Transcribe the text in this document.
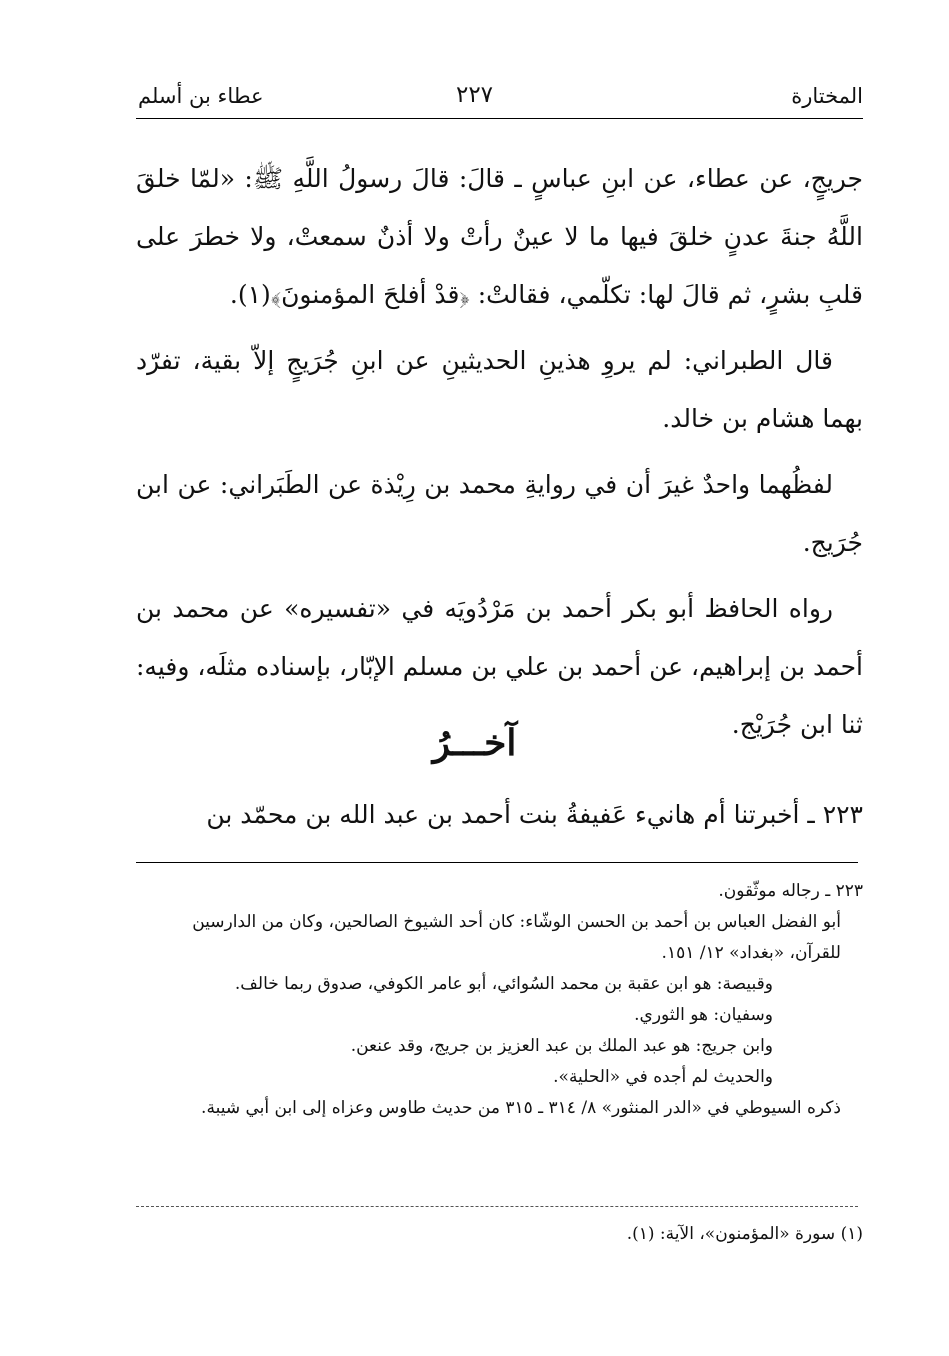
المختارة
٢٢٧
عطاء بن أسلم

جريجٍ، عن عطاء، عن ابنِ عباسٍ ـ قالَ: قالَ رسولُ اللَّهِ ﷺ: «لمّا خلقَ اللَّهُ جنةَ عدنٍ خلقَ فيها ما لا عينٌ رأتْ ولا أذنٌ سمعتْ، ولا خطرَ على قلبِ بشرٍ، ثم قالَ لها: تكلّمي، فقالتْ: ﴿قدْ أفلحَ المؤمنونَ﴾(١).

قال الطبراني: لم يروِ هذينِ الحديثينِ عن ابنِ جُرَيجٍ إلاّ بقية، تفرّد بهما هشام بن خالد.

لفظُهما واحدٌ غيرَ أن في روايةِ محمد بن رِيْذة عن الطَبَراني: عن ابن جُرَيج.

رواه الحافظ أبو بكر أحمد بن مَرْدُويَه في «تفسيره» عن محمد بن أحمد بن إبراهيم، عن أحمد بن علي بن مسلم الإبّار، بإسناده مثلَه، وفيه: ثنا ابن جُرَيْج.

آخـــرُ
٢٢٣ ـ أخبرتنا أم هانيء عَفيفةُ بنت أحمد بن عبد الله بن محمّد بن

٢٢٣ ـ رجاله موثّقون.

أبو الفضل العباس بن أحمد بن الحسن الوشّاء: كان أحد الشيوخ الصالحين، وكان من الدارسين للقرآن، «بغداد» ١٢/ ١٥١.

وقبيصة: هو ابن عقبة بن محمد السُوائي، أبو عامر الكوفي، صدوق ربما خالف.

وسفيان: هو الثوري.

وابن جريج: هو عبد الملك بن عبد العزيز بن جريج، وقد عنعن.

والحديث لم أجده في «الحلية».

ذكره السيوطي في «الدر المنثور» ٨/ ٣١٤ ـ ٣١٥ من حديث طاوس وعزاه إلى ابن أبي شيبة.

(١) سورة «المؤمنون»، الآية: (١).
